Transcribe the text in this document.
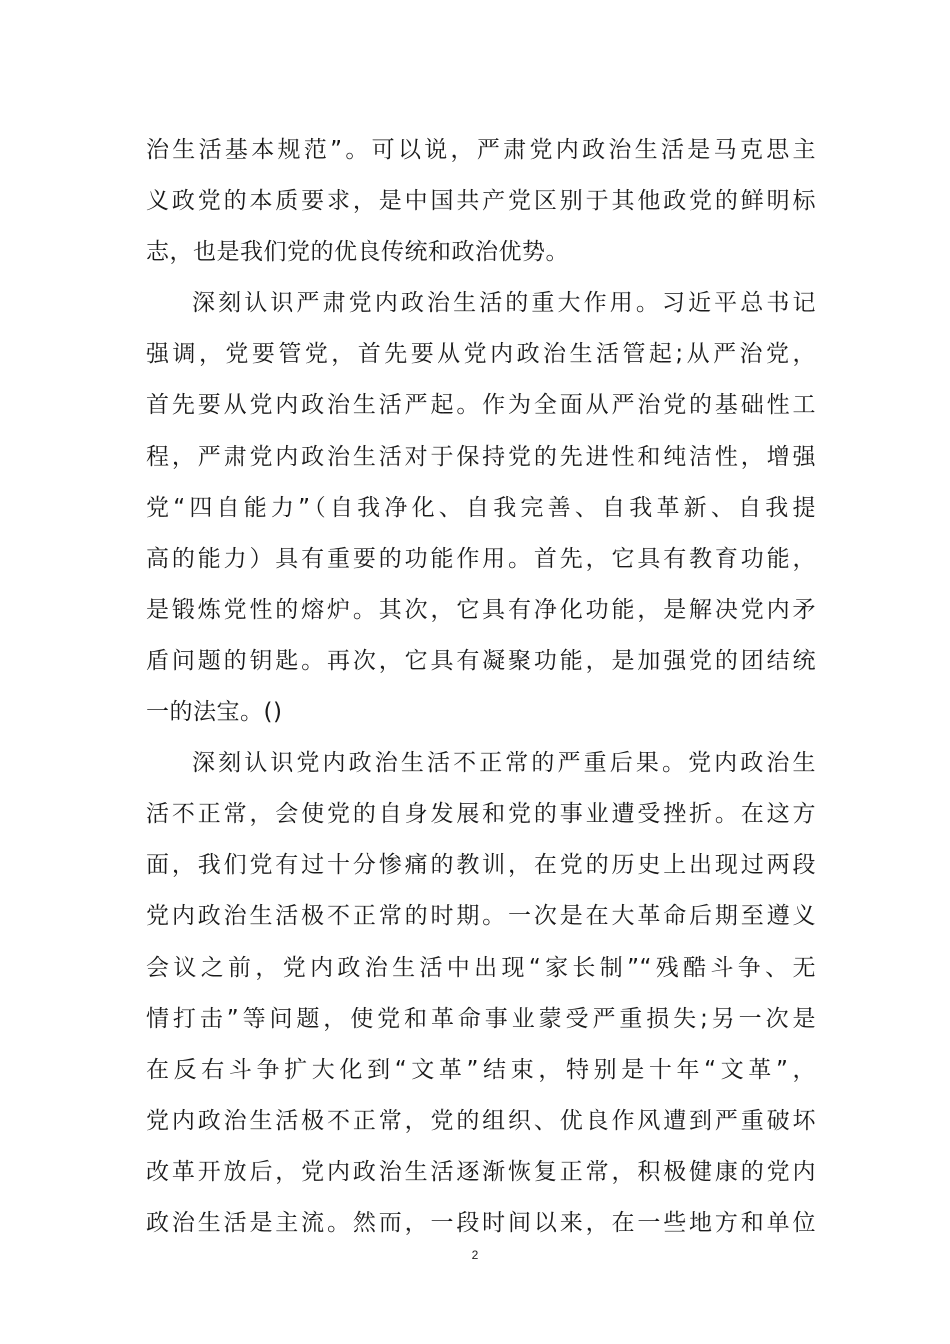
治生活基本规范”。可以说，严肃党内政治生活是马克思主
义政党的本质要求，是中国共产党区别于其他政党的鲜明标
志，也是我们党的优良传统和政治优势。
深刻认识严肃党内政治生活的重大作用。习近平总书记
强调，党要管党，首先要从党内政治生活管起;从严治党，
首先要从党内政治生活严起。作为全面从严治党的基础性工
程，严肃党内政治生活对于保持党的先进性和纯洁性，增强
党“四自能力”（自我净化、自我完善、自我革新、自我提
高的能力）具有重要的功能作用。首先，它具有教育功能，
是锻炼党性的熔炉。其次，它具有净化功能，是解决党内矛
盾问题的钥匙。再次，它具有凝聚功能，是加强党的团结统
一的法宝。()
深刻认识党内政治生活不正常的严重后果。党内政治生
活不正常，会使党的自身发展和党的事业遭受挫折。在这方
面，我们党有过十分惨痛的教训，在党的历史上出现过两段
党内政治生活极不正常的时期。一次是在大革命后期至遵义
会议之前，党内政治生活中出现“家长制”“残酷斗争、无
情打击”等问题，使党和革命事业蒙受严重损失;另一次是
在反右斗争扩大化到“文革”结束，特别是十年“文革”，
党内政治生活极不正常，党的组织、优良作风遭到严重破坏
改革开放后，党内政治生活逐渐恢复正常，积极健康的党内
政治生活是主流。然而，一段时间以来，在一些地方和单位
2
